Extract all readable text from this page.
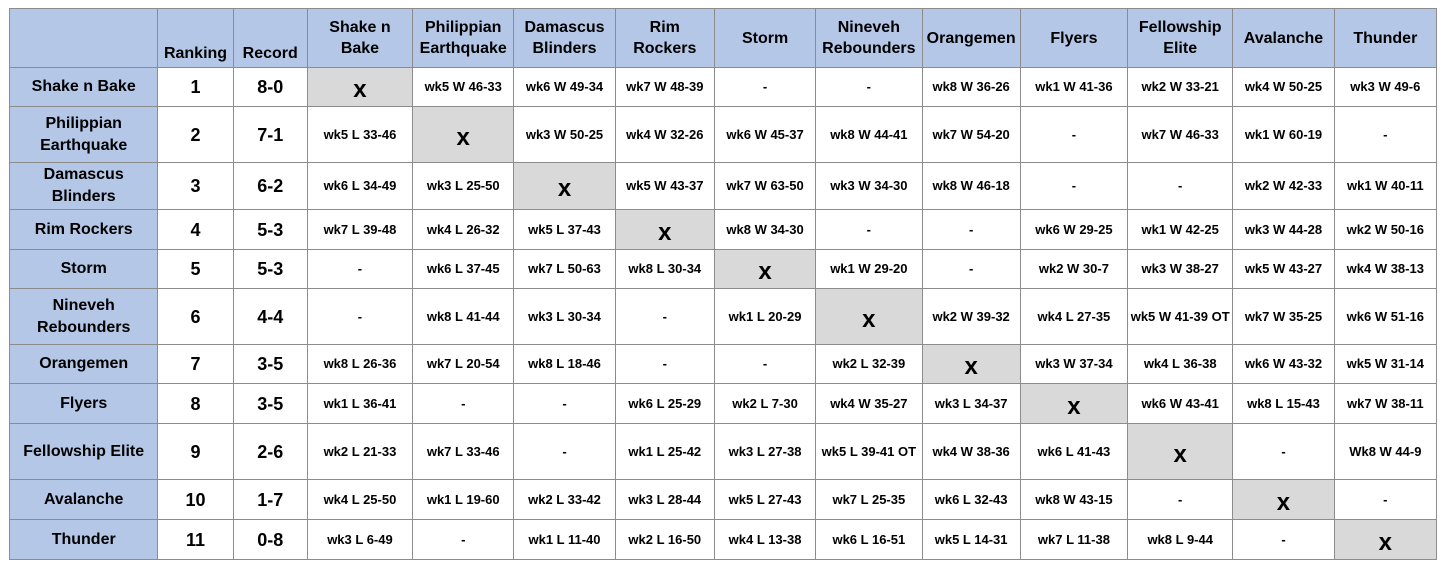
	Ranking	Record	Shake n Bake	Philippian Earthquake	Damascus Blinders	Rim Rockers	Storm	Nineveh Rebounders	Orangemen	Flyers	Fellowship Elite	Avalanche	Thunder
Shake n Bake	1	8-0	x	wk5 W 46-33	wk6 W 49-34	wk7 W 48-39	-	-	wk8 W 36-26	wk1 W 41-36	wk2 W 33-21	wk4 W 50-25	wk3 W 49-6
Philippian Earthquake	2	7-1	wk5 L 33-46	x	wk3 W 50-25	wk4 W 32-26	wk6 W 45-37	wk8 W 44-41	wk7 W 54-20	-	wk7 W 46-33	wk1 W 60-19	-
Damascus Blinders	3	6-2	wk6 L 34-49	wk3 L 25-50	x	wk5 W 43-37	wk7 W 63-50	wk3 W 34-30	wk8 W 46-18	-	-	wk2 W 42-33	wk1 W 40-11
Rim Rockers	4	5-3	wk7 L 39-48	wk4 L 26-32	wk5 L 37-43	x	wk8 W 34-30	-	-	wk6 W 29-25	wk1 W 42-25	wk3 W 44-28	wk2 W 50-16
Storm	5	5-3	-	wk6 L 37-45	wk7 L 50-63	wk8 L 30-34	x	wk1 W 29-20	-	wk2 W 30-7	wk3 W 38-27	wk5 W 43-27	wk4 W 38-13
Nineveh Rebounders	6	4-4	-	wk8 L 41-44	wk3 L 30-34	-	wk1 L 20-29	x	wk2 W 39-32	wk4 L 27-35	wk5 W 41-39 OT	wk7 W 35-25	wk6 W 51-16
Orangemen	7	3-5	wk8 L 26-36	wk7 L 20-54	wk8 L 18-46	-	-	wk2 L 32-39	x	wk3 W 37-34	wk4 L 36-38	wk6 W 43-32	wk5 W 31-14
Flyers	8	3-5	wk1 L 36-41	-	-	wk6 L 25-29	wk2 L 7-30	wk4 W 35-27	wk3 L 34-37	x	wk6 W 43-41	wk8 L 15-43	wk7 W 38-11
Fellowship Elite	9	2-6	wk2 L 21-33	wk7 L 33-46	-	wk1 L 25-42	wk3 L 27-38	wk5 L 39-41 OT	wk4 W 38-36	wk6 L 41-43	x	-	Wk8 W 44-9
Avalanche	10	1-7	wk4 L 25-50	wk1 L 19-60	wk2 L 33-42	wk3 L 28-44	wk5 L 27-43	wk7 L 25-35	wk6 L 32-43	wk8 W 43-15	-	x	-
Thunder	11	0-8	wk3 L 6-49	-	wk1 L 11-40	wk2 L 16-50	wk4 L 13-38	wk6 L 16-51	wk5 L 14-31	wk7 L 11-38	wk8 L 9-44	-	x
